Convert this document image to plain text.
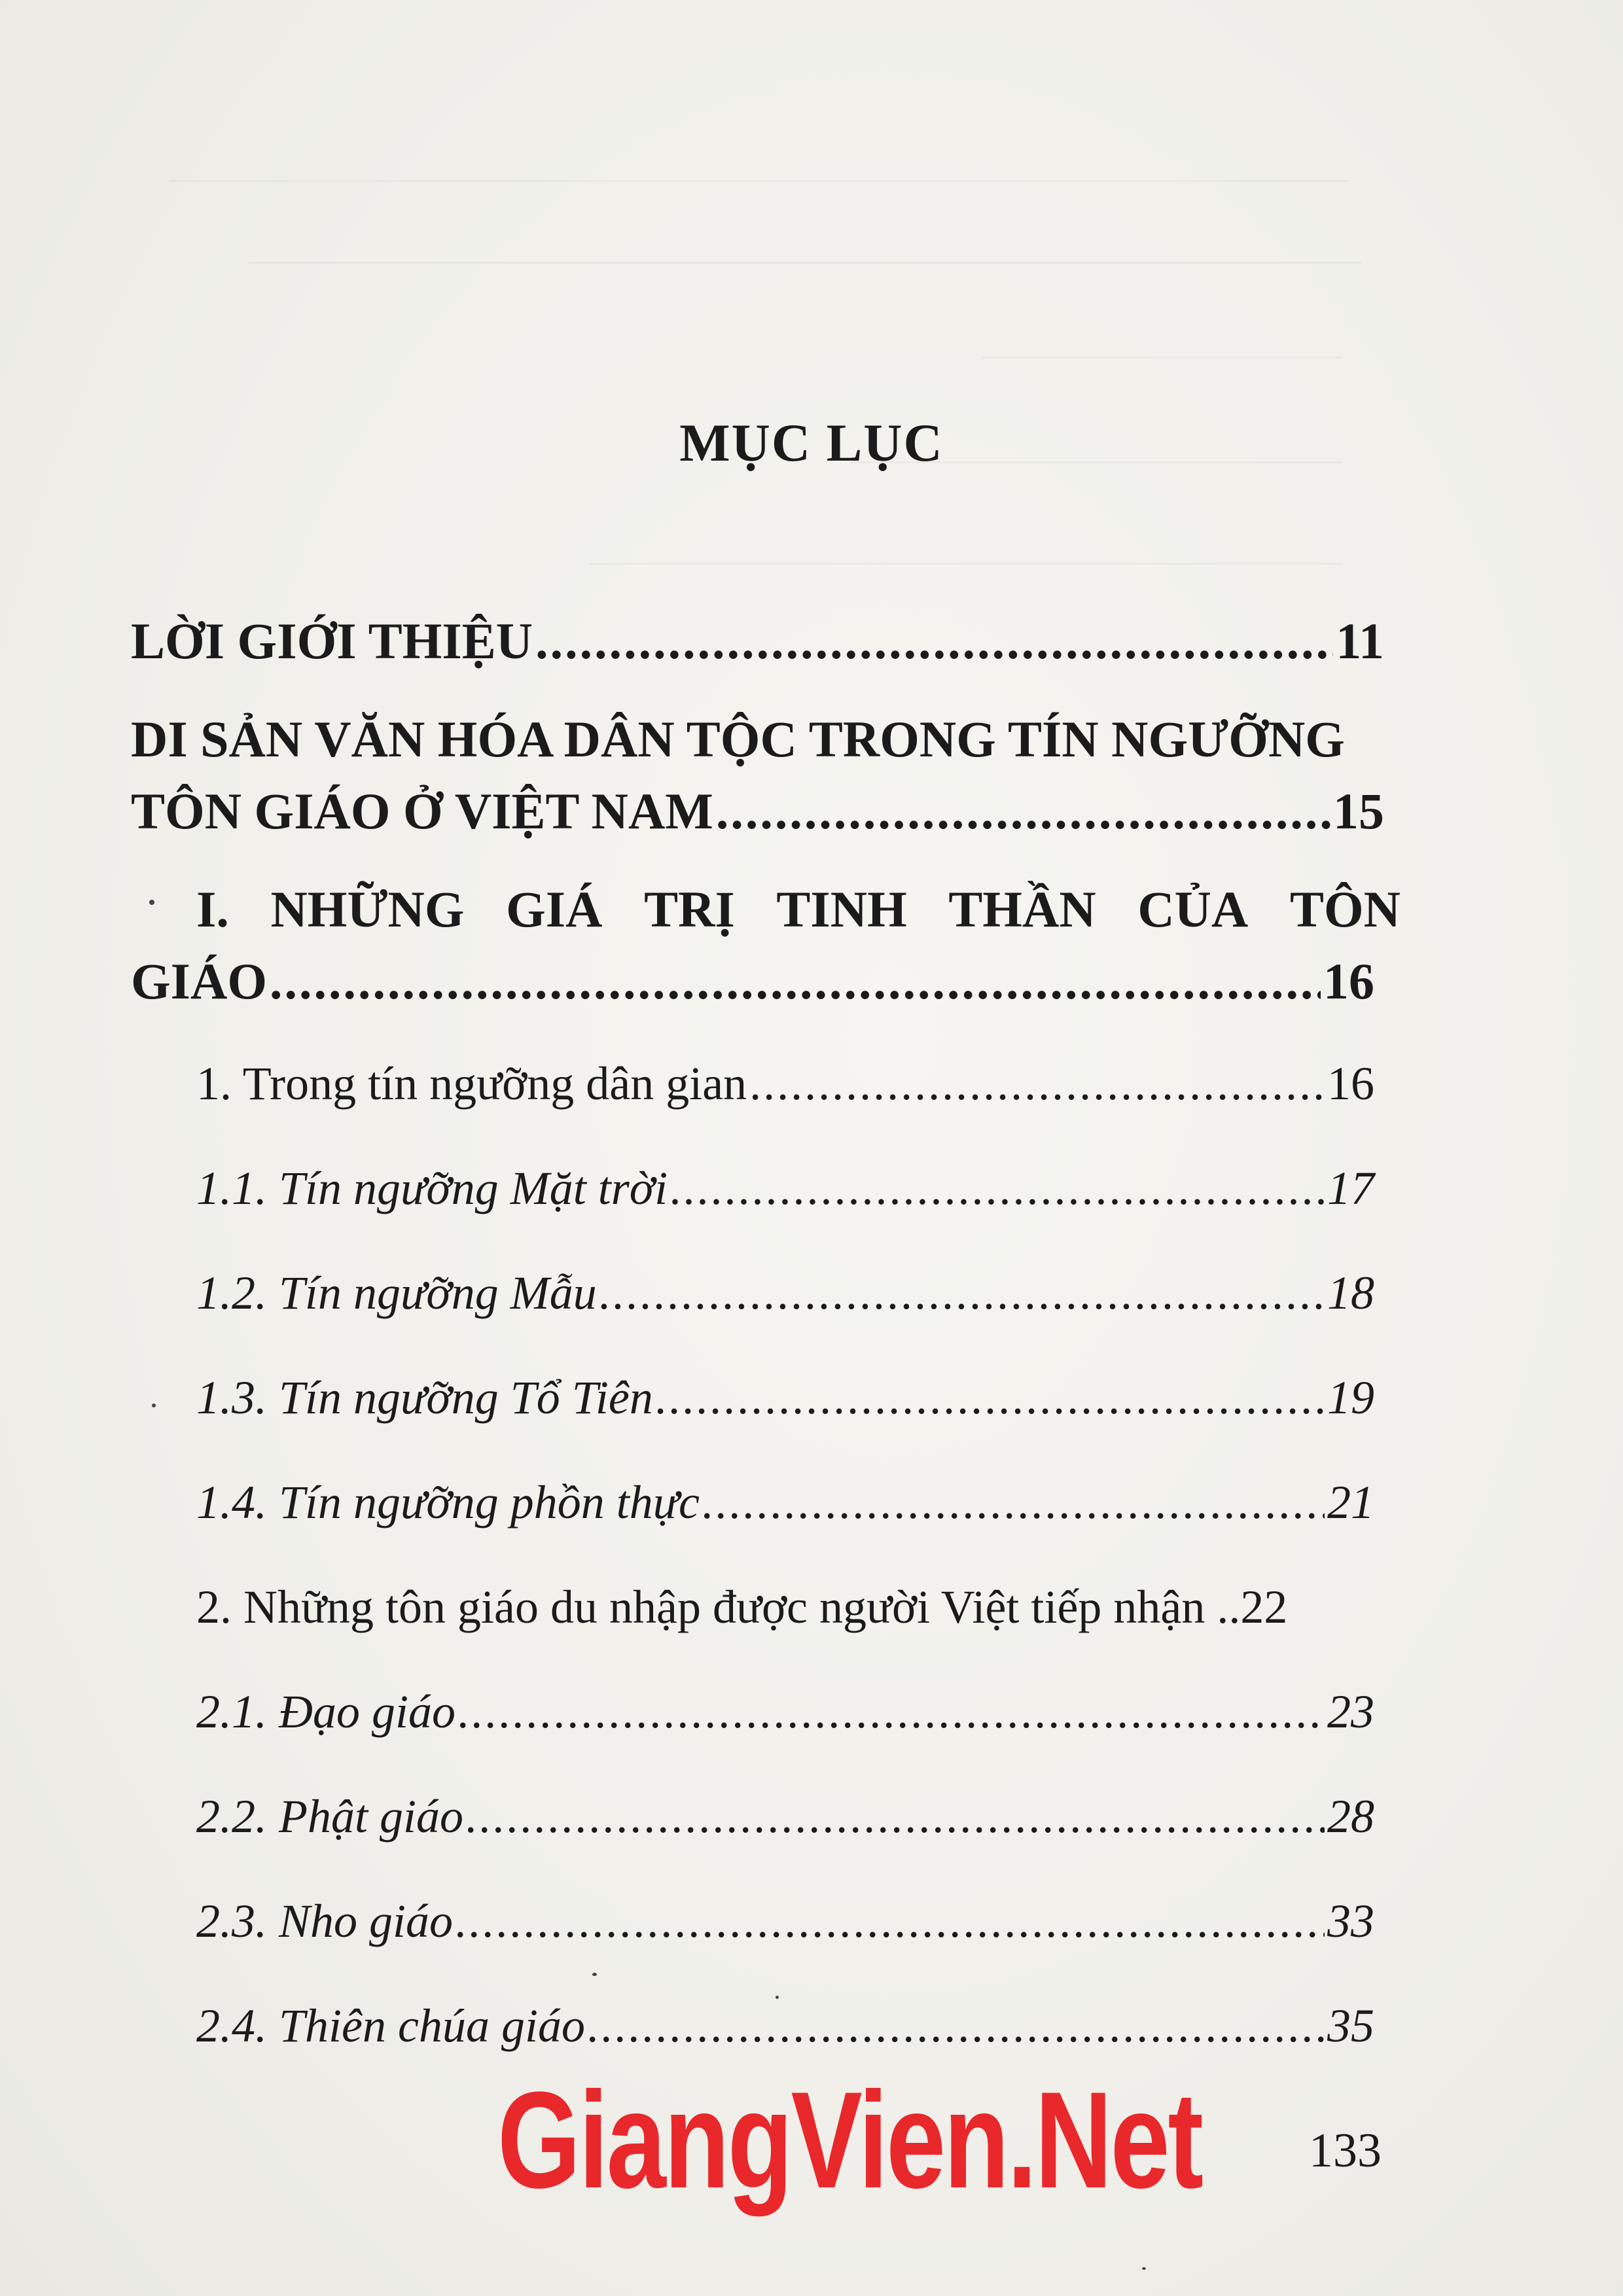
MỤC LỤC
LỜI GIỚI THIỆU .....	11
DI SẢN VĂN HÓA DÂN TỘC TRONG TÍN NGƯỠNG
TÔN GIÁO Ở VIỆT NAM .....	15
I. NHỮNG GIÁ TRỊ TINH THẦN CỦA TÔN
GIÁO .....	16
1. Trong tín ngưỡng dân gian .....	16
1.1. Tín ngưỡng Mặt trời .....	17
1.2. Tín ngưỡng Mẫu .....	18
1.3. Tín ngưỡng Tổ Tiên .....	19
1.4. Tín ngưỡng phồn thực .....	21
2. Những tôn giáo du nhập được người Việt tiếp nhận .. 22
2.1. Đạo giáo .....	23
2.2. Phật giáo .....	28
2.3. Nho giáo .....	33
2.4. Thiên chúa giáo .....	35
GiangVien.Net 133
